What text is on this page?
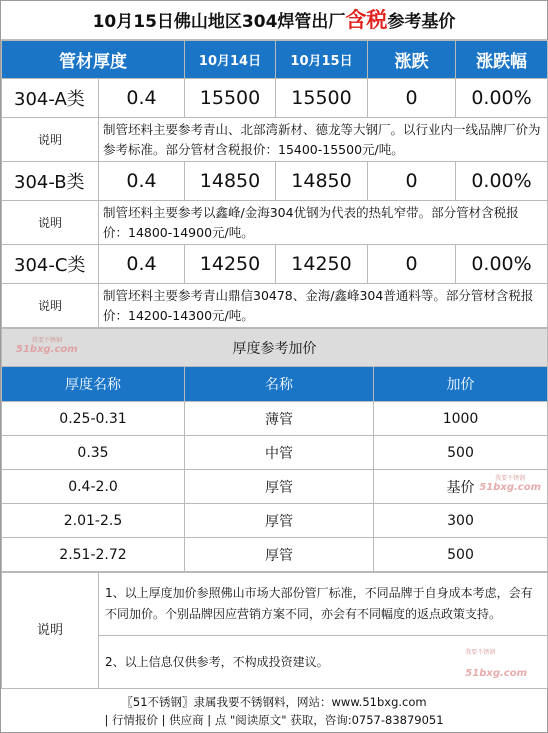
10月15日佛山地区304焊管出厂含税参考基价
管材厚度		10月14日	10月15日	涨跌	涨跌幅
304-A类	0.4	15500	15500	0	0.00%
说明	制管坯料主要参考青山、北部湾新材、德龙等大钢厂。以行业内一线品牌厂价为参考标准。部分管材含税报价：15400-15500元/吨。				
304-B类	0.4	14850	14850	0	0.00%
说明	制管坯料主要参考以鑫峰/金海304优钢为代表的热轧窄带。部分管材含税报价：14800-14900元/吨。				
304-C类	0.4	14250	14250	0	0.00%
说明	制管坯料主要参考青山鼎信30478、金海/鑫峰304普通料等。部分管材含税报价：14200-14300元/吨。				
我要不锈钢
51bxg.com 厚度参考加价		
厚度名称	名称	加价
0.25-0.31	薄管	1000
0.35	中管	500
0.4-2.0	厚管	基价
我要不锈钢
51bxg.com

2.01-2.5	厚管	300
2.51-2.72	厚管	500
说明	1、以上厚度加价参照佛山市场大部份管厂标准，不同品牌于自身成本考虑，会有不同加价。个别品牌因应营销方案不同，亦会有不同幅度的返点政策支持。
2、以上信息仅供参考，不构成投资建议。
我要不锈钢
51bxg.com
〖51不锈钢〗隶属我要不锈钢料，网站：www.51bxg.com
| 行情报价 | 供应商 | 点 "阅读原文" 获取，咨询:0757-83879051
